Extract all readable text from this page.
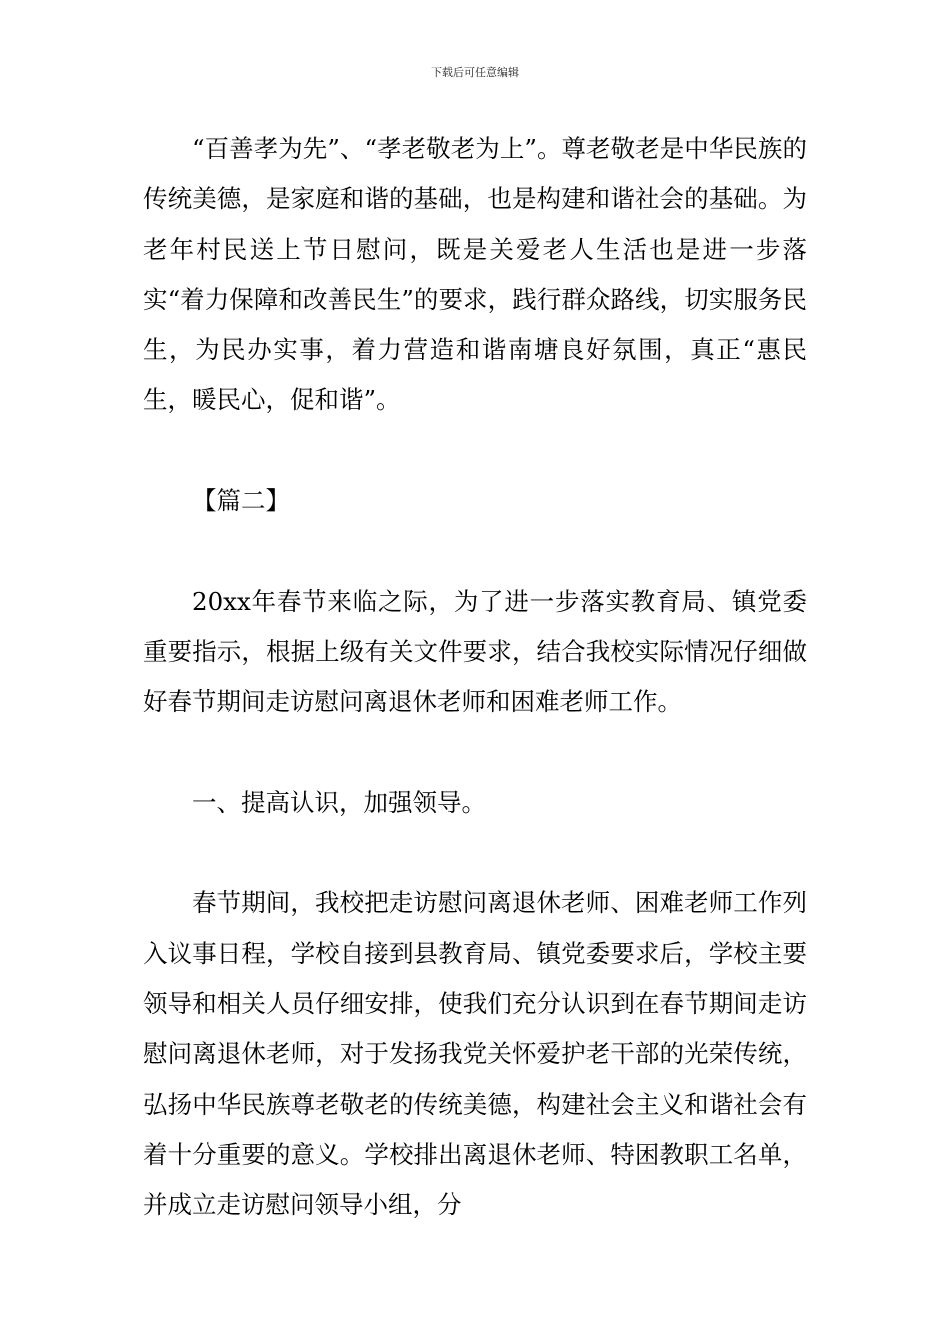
下载后可任意编辑

“百善孝为先”、“孝老敬老为上”。尊老敬老是中华民族的传统美德，是家庭和谐的基础，也是构建和谐社会的基础。为老年村民送上节日慰问，既是关爱老人生活也是进一步落实“着力保障和改善民生”的要求，践行群众路线，切实服务民生，为民办实事，着力营造和谐南塘良好氛围，真正“惠民生，暖民心，促和谐”。

【篇二】

20xx年春节来临之际，为了进一步落实教育局、镇党委重要指示，根据上级有关文件要求，结合我校实际情况仔细做好春节期间走访慰问离退休老师和困难老师工作。

一、提高认识，加强领导。

春节期间，我校把走访慰问离退休老师、困难老师工作列入议事日程，学校自接到县教育局、镇党委要求后，学校主要领导和相关人员仔细安排，使我们充分认识到在春节期间走访慰问离退休老师，对于发扬我党关怀爱护老干部的光荣传统，弘扬中华民族尊老敬老的传统美德，构建社会主义和谐社会有着十分重要的意义。学校排出离退休老师、特困教职工名单，并成立走访慰问领导小组，分
